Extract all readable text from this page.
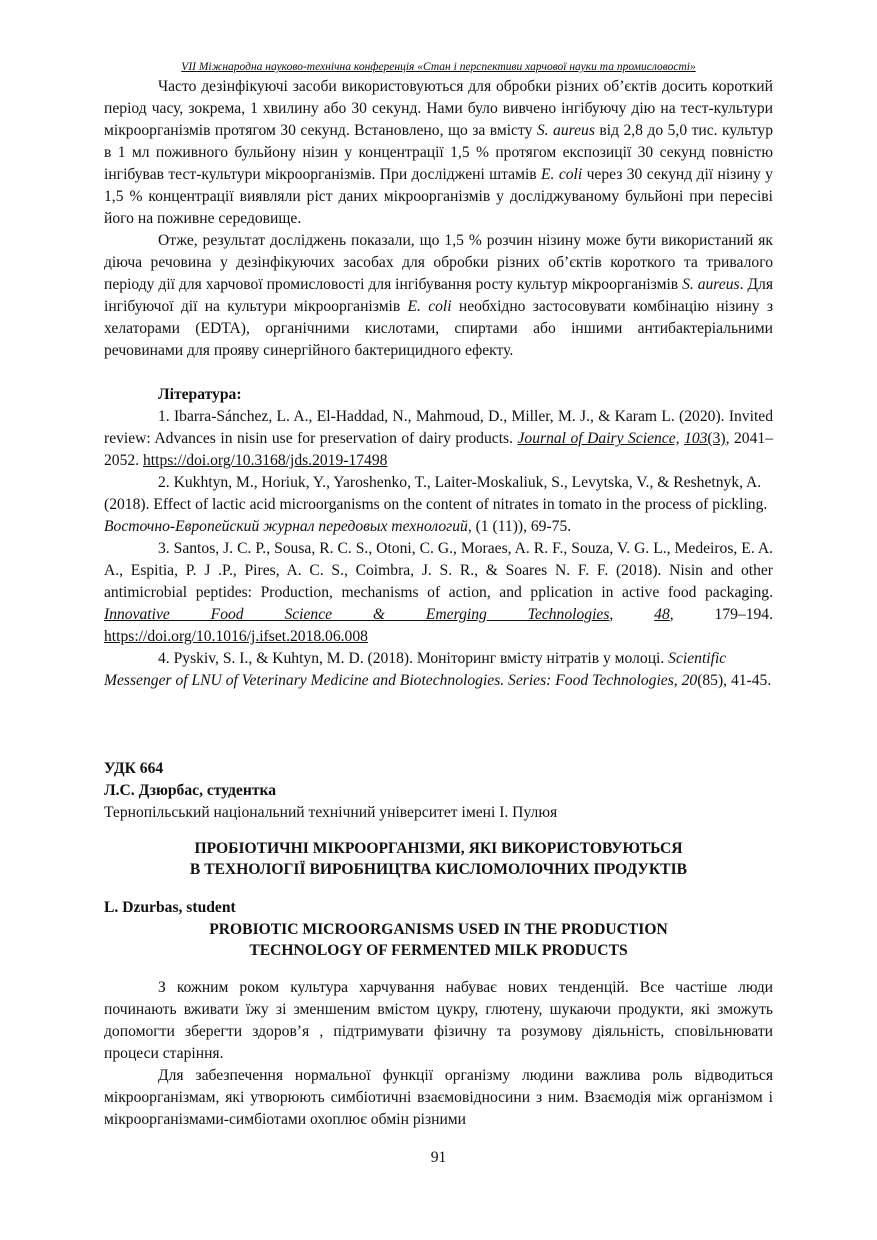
VII Міжнародна науково-технічна конференція «Стан і перспективи харчової науки та промисловості»

Часто дезінфікуючі засоби використовуються для обробки різних об’єктів досить короткий період часу, зокрема, 1 хвилину або 30 секунд. Нами було вивчено інгібуючу дію на тест-культури мікроорганізмів протягом 30 секунд. Встановлено, що за вмісту S. aureus від 2,8 до 5,0 тис. культур в 1 мл поживного бульйону нізин у концентрації 1,5 % протягом експозиції 30 секунд повністю інгібував тест-культури мікроорганізмів. При досліджені штамів E. coli через 30 секунд дії нізину у 1,5 % концентрації виявляли ріст даних мікроорганізмів у досліджуваному бульйоні при пересіві його на поживне середовище.

Отже, результат досліджень показали, що 1,5 % розчин нізину може бути використаний як діюча речовина у дезінфікуючих засобах для обробки різних об’єктів короткого та тривалого періоду дії для харчової промисловості для інгібування росту культур мікроорганізмів S. aureus. Для інгібуючої дії на культури мікроорганізмів E. coli необхідно застосовувати комбінацію нізину з хелаторами (EDTA), органічними кислотами, спиртами або іншими антибактеріальними речовинами для прояву синергійного бактерицидного ефекту.

Література:

1. Ibarra-Sánchez, L. A., El-Haddad, N., Mahmoud, D., Miller, M. J., & Karam L. (2020). Invited review: Advances in nisin use for preservation of dairy products. Journal of Dairy Science, 103(3), 2041–2052. https://doi.org/10.3168/jds.2019-17498

2. Kukhtyn, M., Horiuk, Y., Yaroshenko, T., Laiter-Moskaliuk, S., Levytska, V., & Reshetnyk, A. (2018). Effect of lactic acid microorganisms on the content of nitrates in tomato in the process of pickling. Восточно-Европейский журнал передовых технологий, (1 (11)), 69-75.

3. Santos, J. C. P., Sousa, R. C. S., Otoni, C. G., Moraes, A. R. F., Souza, V. G. L., Medeiros, E. A. A., Espitia, P. J .P., Pires, A. C. S., Coimbra, J. S. R., & Soares N. F. F. (2018). Nisin and other antimicrobial peptides: Production, mechanisms of action, and pplication in active food packaging. Innovative Food Science & Emerging Technologies, 48, 179–194. https://doi.org/10.1016/j.ifset.2018.06.008

4. Pyskiv, S. I., & Kuhtyn, M. D. (2018). Моніторинг вмісту нітратів у молоці. Scientific Messenger of LNU of Veterinary Medicine and Biotechnologies. Series: Food Technologies, 20(85), 41-45.

УДК 664

Л.С. Дзюрбас, студентка

Тернопільський національний технічний університет імені І. Пулюя

ПРОБІОТИЧНІ МІКРООРГАНІЗМИ, ЯКІ ВИКОРИСТОВУЮТЬСЯ

В ТЕХНОЛОГІЇ ВИРОБНИЦТВА КИСЛОМОЛОЧНИХ ПРОДУКТІВ

L. Dzurbas, student

PROBIOTIC MICROORGANISMS USED IN THE PRODUCTION

TECHNOLOGY OF FERMENTED MILK PRODUCTS

З кожним роком культура харчування набуває нових тенденцій. Все частіше люди починають вживати їжу зі зменшеним вмістом цукру, глютену, шукаючи продукти, які зможуть допомогти зберегти здоров’я , підтримувати фізичну та розумову діяльність, сповільнювати процеси старіння.

Для забезпечення нормальної функції організму людини важлива роль відводиться мікроорганізмам, які утворюють симбіотичні взаємовідносини з ним. Взаємодія між організмом і мікроорганізмами-симбіотами охоплює обмін різними

91
